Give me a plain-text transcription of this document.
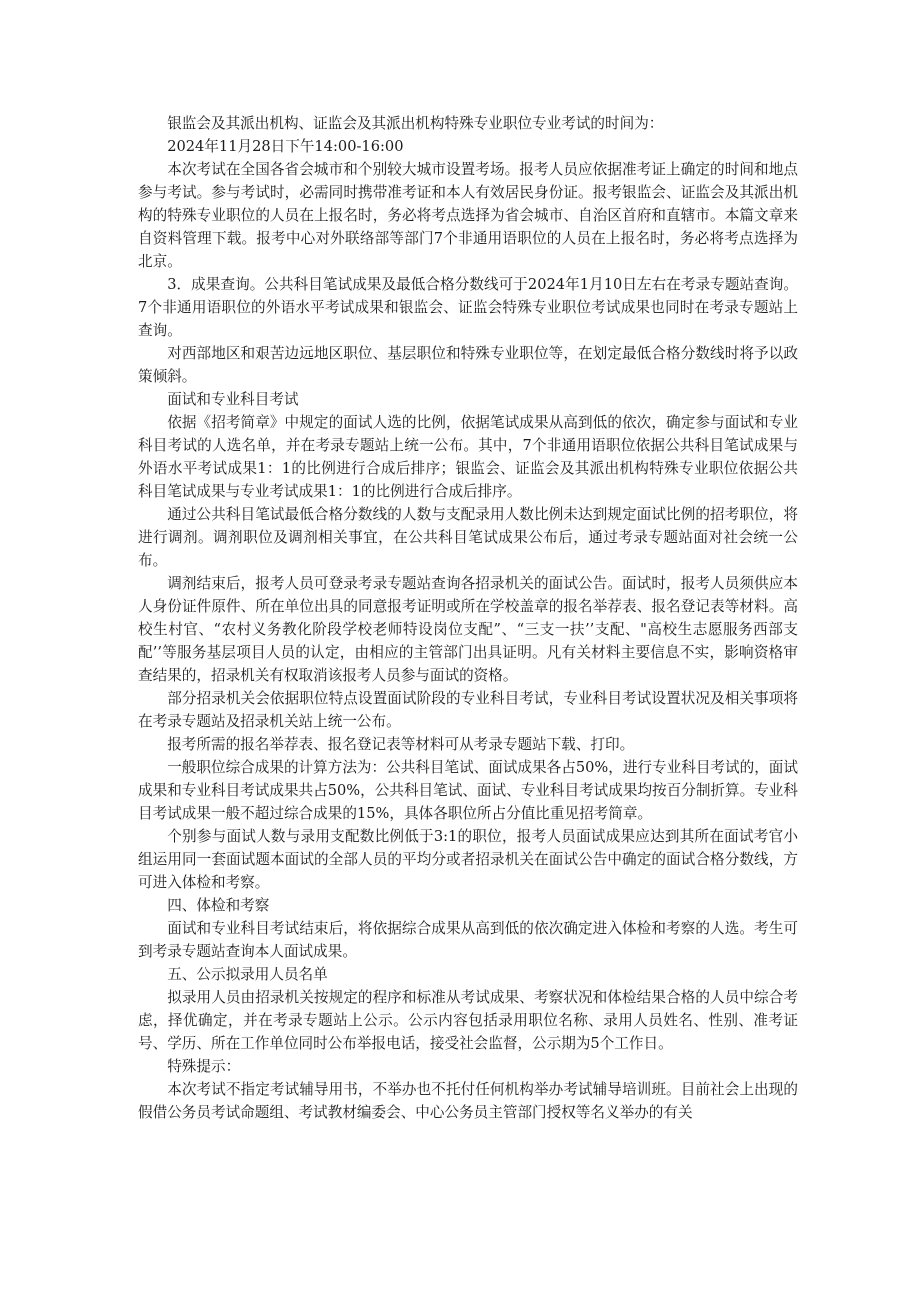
银监会及其派出机构、证监会及其派出机构特殊专业职位专业考试的时间为：

2024年11月28日下午14:00-16:00

本次考试在全国各省会城市和个别较大城市设置考场。报考人员应依据准考证上确定的时间和地点参与考试。参与考试时，必需同时携带准考证和本人有效居民身份证。报考银监会、证监会及其派出机构的特殊专业职位的人员在上报名时，务必将考点选择为省会城市、自治区首府和直辖市。本篇文章来自资料管理下载。报考中心对外联络部等部门7个非通用语职位的人员在上报名时，务必将考点选择为北京。

3．成果查询。公共科目笔试成果及最低合格分数线可于2024年1月10日左右在考录专题站查询。7个非通用语职位的外语水平考试成果和银监会、证监会特殊专业职位考试成果也同时在考录专题站上查询。

对西部地区和艰苦边远地区职位、基层职位和特殊专业职位等，在划定最低合格分数线时将予以政策倾斜。

面试和专业科目考试

依据《招考简章》中规定的面试人选的比例，依据笔试成果从高到低的依次，确定参与面试和专业科目考试的人选名单，并在考录专题站上统一公布。其中，7个非通用语职位依据公共科目笔试成果与外语水平考试成果1：1的比例进行合成后排序；银监会、证监会及其派出机构特殊专业职位依据公共科目笔试成果与专业考试成果1：1的比例进行合成后排序。

通过公共科目笔试最低合格分数线的人数与支配录用人数比例未达到规定面试比例的招考职位，将进行调剂。调剂职位及调剂相关事宜，在公共科目笔试成果公布后，通过考录专题站面对社会统一公布。

调剂结束后，报考人员可登录考录专题站查询各招录机关的面试公告。面试时，报考人员须供应本人身份证件原件、所在单位出具的同意报考证明或所在学校盖章的报名举荐表、报名登记表等材料。高校生村官、“农村义务教化阶段学校老师特设岗位支配”、“三支一扶’’支配、"高校生志愿服务西部支配’’等服务基层项目人员的认定，由相应的主管部门出具证明。凡有关材料主要信息不实，影响资格审查结果的，招录机关有权取消该报考人员参与面试的资格。

部分招录机关会依据职位特点设置面试阶段的专业科目考试，专业科目考试设置状况及相关事项将在考录专题站及招录机关站上统一公布。

报考所需的报名举荐表、报名登记表等材料可从考录专题站下载、打印。

一般职位综合成果的计算方法为：公共科目笔试、面试成果各占50%，进行专业科目考试的，面试成果和专业科目考试成果共占50%，公共科目笔试、面试、专业科目考试成果均按百分制折算。专业科目考试成果一般不超过综合成果的15%，具体各职位所占分值比重见招考简章。

个别参与面试人数与录用支配数比例低于3:1的职位，报考人员面试成果应达到其所在面试考官小组运用同一套面试题本面试的全部人员的平均分或者招录机关在面试公告中确定的面试合格分数线，方可进入体检和考察。

四、体检和考察

面试和专业科目考试结束后，将依据综合成果从高到低的依次确定进入体检和考察的人选。考生可到考录专题站查询本人面试成果。

五、公示拟录用人员名单

拟录用人员由招录机关按规定的程序和标准从考试成果、考察状况和体检结果合格的人员中综合考虑，择优确定，并在考录专题站上公示。公示内容包括录用职位名称、录用人员姓名、性别、准考证号、学历、所在工作单位同时公布举报电话，接受社会监督，公示期为5个工作日。

特殊提示：

本次考试不指定考试辅导用书，不举办也不托付任何机构举办考试辅导培训班。目前社会上出现的假借公务员考试命题组、考试教材编委会、中心公务员主管部门授权等名义举办的有关
